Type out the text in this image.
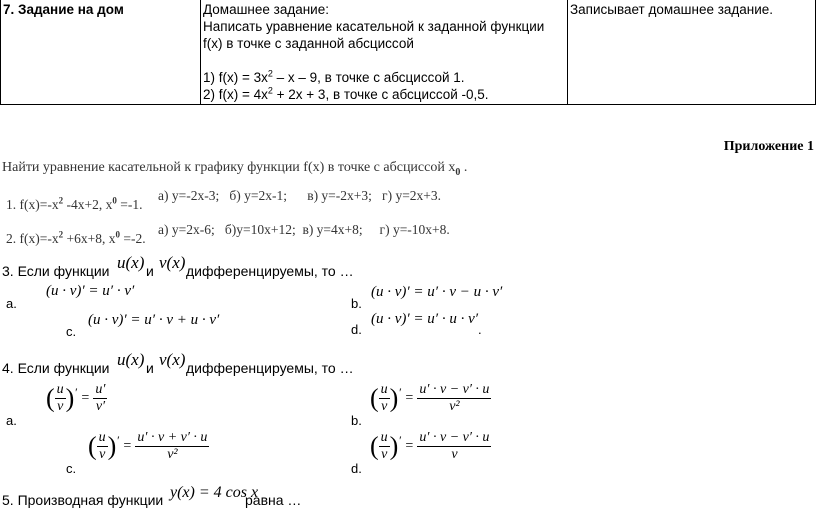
7. Задание на дом	Домашнее задание:
Написать уравнение касательной к заданной функции f(x) в точке с заданной абсциссой
1) $f(x) = 3x^2 - x - 9$, в точке с абсциссой 1.
2) $f(x) = 4x^2 + 2x + 3$, в точке с абсциссой -0,5.
	Записывает домашнее задание.
Приложение 1
Найти уравнение касательной к графику функции f(x) в точке с абсциссой $x_0$ .
1. $f(x)=-x^2$ -4x+2, $x^0 =-1$.
а) y=-2x-3;   б) y=2x-1;      в) y=-2x+3;   г) y=2x+3.
2. $f(x)=-x^2 +6x+8$, $x^0 =-2$.
а) y=2x-6;   б)y=10x+12;  в) y=4x+8;     г) y=-10x+8.
3. Если функции u(x) и v(x) дифференцируемы, то …
а.
(u · v)′ = u′ · v′
b.
(u · v)′ = u′ · v − u · v′
с.
(u · v)′ = u′ · v + u · v′
d.
(u · v)′ = u′ · u · v′
.
4. Если функции u(x) и v(x) дифференцируемы, то …
а.
( $\frac{u}{v} )' = \frac{u'}{v'}$
b.
( $\frac{u}{v} )' = \frac{u' \cdot v - v' \cdot u}{\text{v²}}$
с.
( $\frac{u}{v} )' = \frac{u' \cdot v + v' \cdot u}{\text{v²}}$
d.
( $\frac{u}{v} )' = \frac{u' \cdot v - v' \cdot u}{v}$
5. Производная функции y(x) = 4 cos x
равна …
